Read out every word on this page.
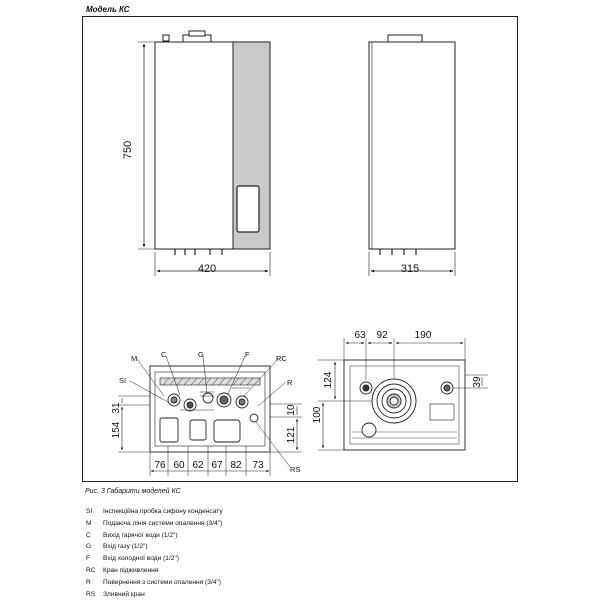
Модель КС
750
420	315
M	C	G	F	RC
SI	R
RS
31
154
10
121
76 60 62 67 82 73
63 92	190
124
100
39
Рис. 3 Габарити моделей КС
SI	Інспекційна пробка сифону конденсату
M	Подаюча лінія системи опалення (3/4")
C	Вихід гарячої води (1/2")
G	Вхід газу (1/2")
F	Вхід холодної води (1/2")
RC	Кран підживлення
R	Повернення з системи опалення (3/4")
RS	Зливний кран
